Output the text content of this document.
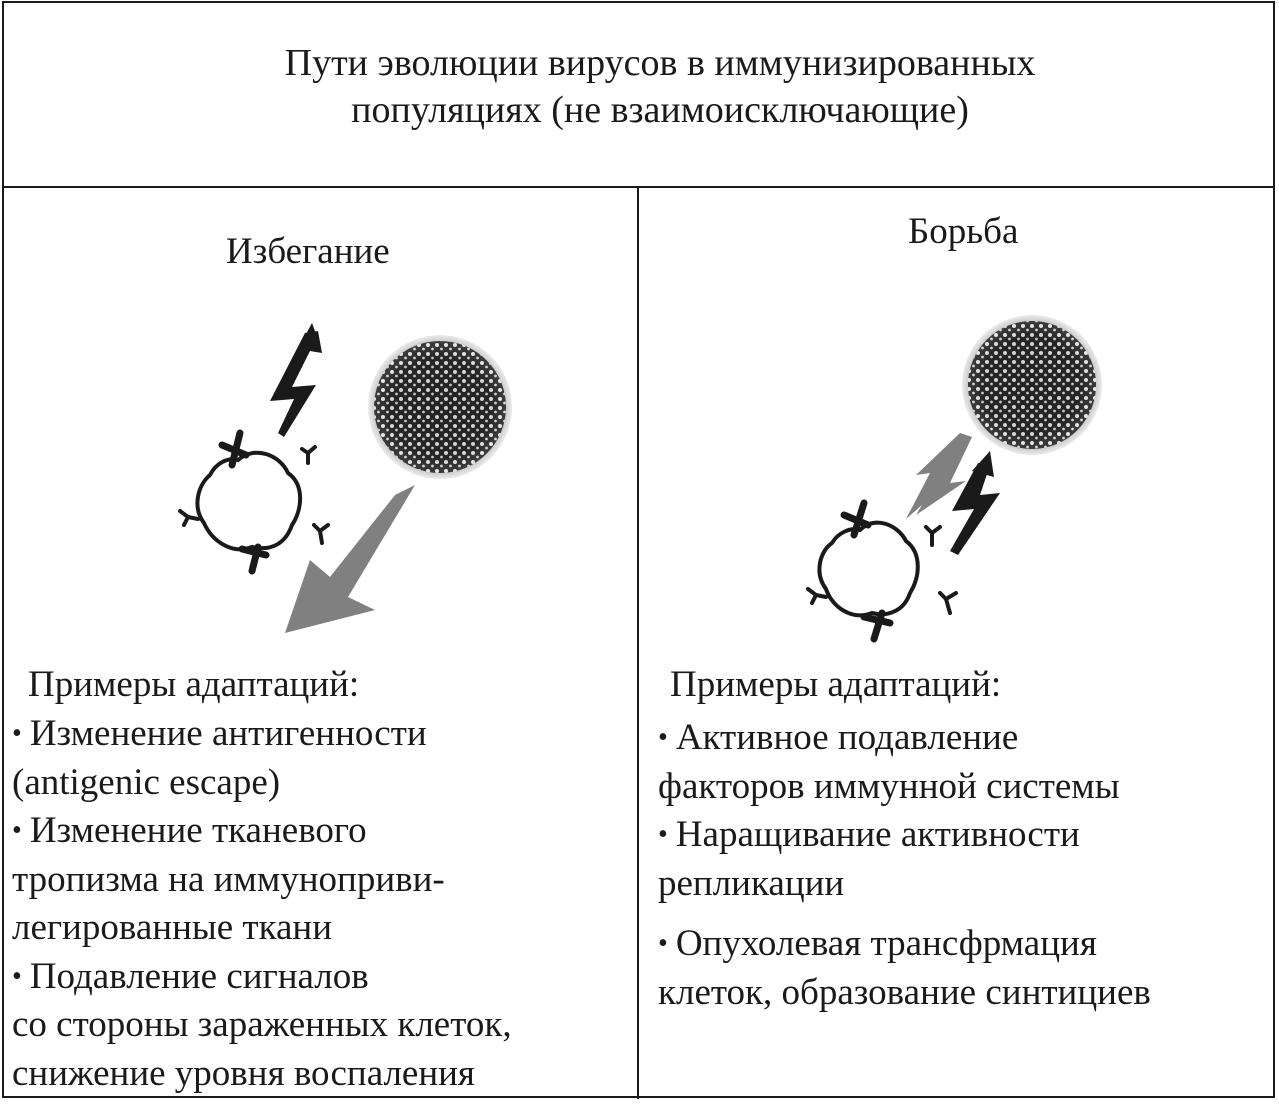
Пути эволюции вирусов в иммунизированных
популяциях (не взаимоисключающие)
Избегание
Примеры адаптаций:
• Изменение антигенности
(antigenic escape)
• Изменение тканевого
тропизма на иммуноприви-
легированные ткани
• Подавление сигналов
со стороны зараженных клеток,
снижение уровня воспаления
Борьба
Примеры адаптаций:
• Активное подавление
факторов иммунной системы
• Наращивание активности
репликации
• Опухолевая трансфрмация
клеток, образование синтициев
